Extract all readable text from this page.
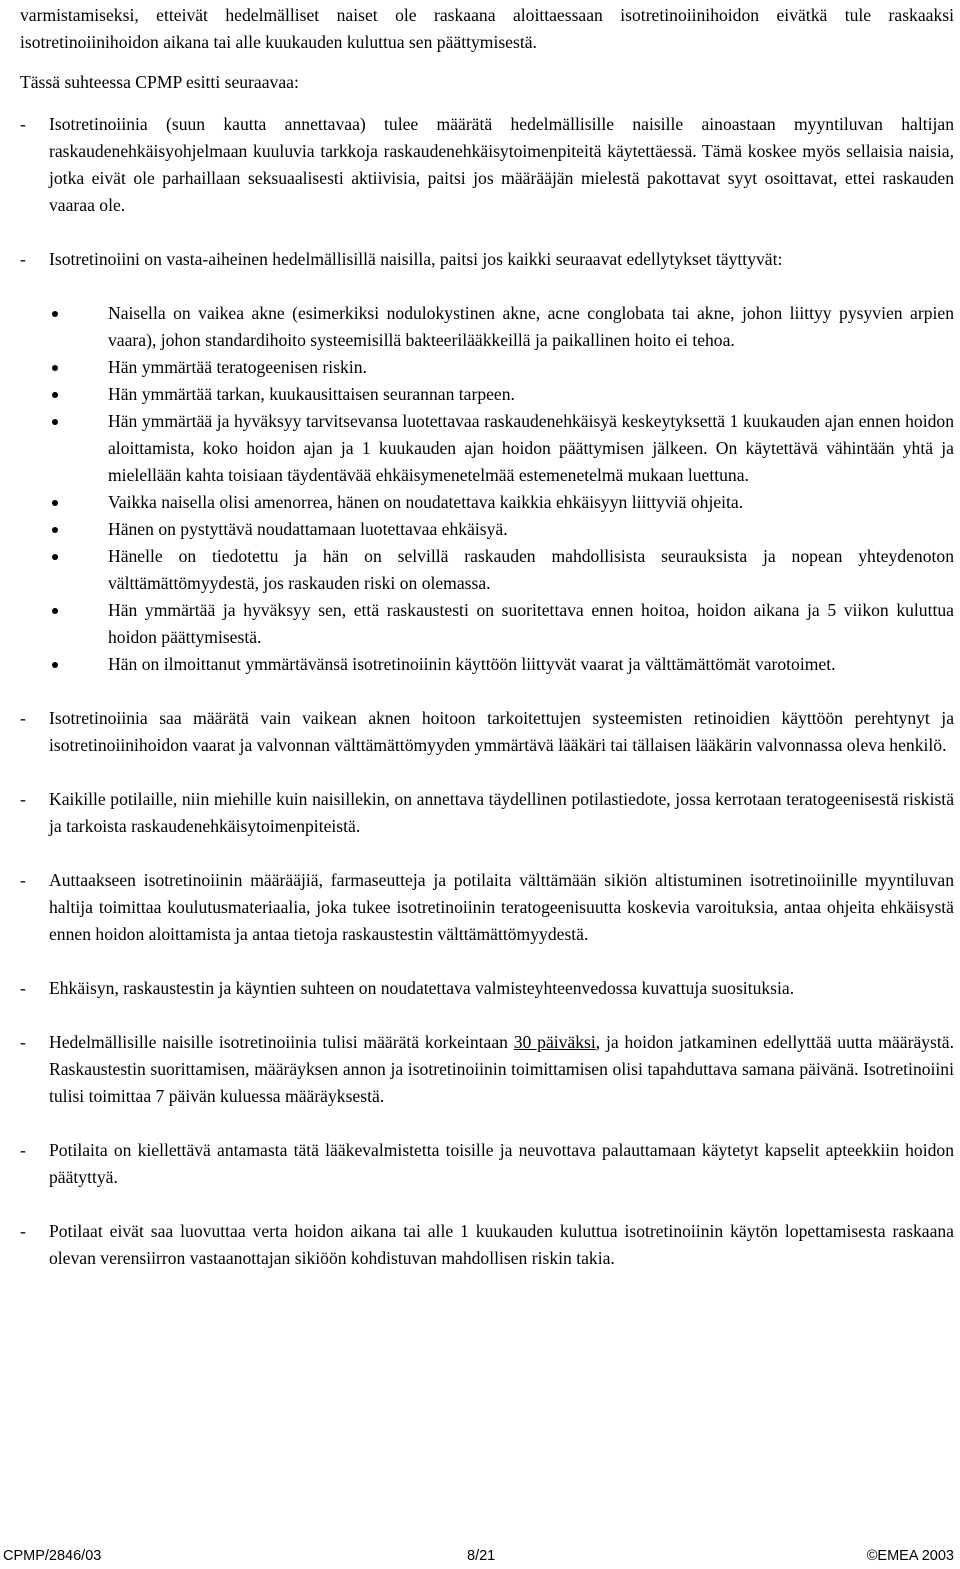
varmistamiseksi, etteivät hedelmälliset naiset ole raskaana aloittaessaan isotretinoiinihoidon eivätkä tule raskaaksi isotretinoiinihoidon aikana tai alle kuukauden kuluttua sen päättymisestä.

Tässä suhteessa CPMP esitti seuraavaa:

- Isotretinoiinia (suun kautta annettavaa) tulee määrätä hedelmällisille naisille ainoastaan myyntiluvan haltijan raskaudenehkäisyohjelmaan kuuluvia tarkkoja raskaudenehkäisytoimenpiteitä käytettäessä. Tämä koskee myös sellaisia naisia, jotka eivät ole parhaillaan seksuaalisesti aktiivisia, paitsi jos määrääjän mielestä pakottavat syyt osoittavat, ettei raskauden vaaraa ole.
- Isotretinoiini on vasta-aiheinen hedelmällisillä naisilla, paitsi jos kaikki seuraavat edellytykset täyttyvät:
Naisella on vaikea akne (esimerkiksi nodulokystinen akne, acne conglobata tai akne, johon liittyy pysyvien arpien vaara), johon standardihoito systeemisillä bakteerilääkkeillä ja paikallinen hoito ei tehoa.
Hän ymmärtää teratogeenisen riskin.
Hän ymmärtää tarkan, kuukausittaisen seurannan tarpeen.
Hän ymmärtää ja hyväksyy tarvitsevansa luotettavaa raskaudenehkäisyä keskeytyksettä 1 kuukauden ajan ennen hoidon aloittamista, koko hoidon ajan ja 1 kuukauden ajan hoidon päättymisen jälkeen. On käytettävä vähintään yhtä ja mielellään kahta toisiaan täydentävää ehkäisymenetelmää estemenetelmä mukaan luettuna.
Vaikka naisella olisi amenorrea, hänen on noudatettava kaikkia ehkäisyyn liittyviä ohjeita.
Hänen on pystyttävä noudattamaan luotettavaa ehkäisyä.
Hänelle on tiedotettu ja hän on selvillä raskauden mahdollisista seurauksista ja nopean yhteydenoton välttämättömyydestä, jos raskauden riski on olemassa.
Hän ymmärtää ja hyväksyy sen, että raskaustesti on suoritettava ennen hoitoa, hoidon aikana ja 5 viikon kuluttua hoidon päättymisestä.
Hän on ilmoittanut ymmärtävänsä isotretinoiinin käyttöön liittyvät vaarat ja välttämättömät varotoimet.
- Isotretinoiinia saa määrätä vain vaikean aknen hoitoon tarkoitettujen systeemisten retinoidien käyttöön perehtynyt ja isotretinoiinihoidon vaarat ja valvonnan välttämättömyyden ymmärtävä lääkäri tai tällaisen lääkärin valvonnassa oleva henkilö.
- Kaikille potilaille, niin miehille kuin naisillekin, on annettava täydellinen potilastiedote, jossa kerrotaan teratogeenisestä riskistä ja tarkoista raskaudenehkäisytoimenpiteistä.
- Auttaakseen isotretinoiinin määrääjiä, farmaseutteja ja potilaita välttämään sikiön altistuminen isotretinoiinille myyntiluvan haltija toimittaa koulutusmateriaalia, joka tukee isotretinoiinin teratogeenisuutta koskevia varoituksia, antaa ohjeita ehkäisystä ennen hoidon aloittamista ja antaa tietoja raskaustestin välttämättömyydestä.
- Ehkäisyn, raskaustestin ja käyntien suhteen on noudatettava valmisteyhteenvedossa kuvattuja suosituksia.
- Hedelmällisille naisille isotretinoiinia tulisi määrätä korkeintaan 30 päiväksi, ja hoidon jatkaminen edellyttää uutta määräystä. Raskaustestin suorittamisen, määräyksen annon ja isotretinoiinin toimittamisen olisi tapahduttava samana päivänä. Isotretinoiini tulisi toimittaa 7 päivän kuluessa määräyksestä.
- Potilaita on kiellettävä antamasta tätä lääkevalmistetta toisille ja neuvottava palauttamaan käytetyt kapselit apteekkiin hoidon päätyttyä.
- Potilaat eivät saa luovuttaa verta hoidon aikana tai alle 1 kuukauden kuluttua isotretinoiinin käytön lopettamisesta raskaana olevan verensiirron vastaanottajan sikiöön kohdistuvan mahdollisen riskin takia.
CPMP/2846/03	8/21	©EMEA 2003
